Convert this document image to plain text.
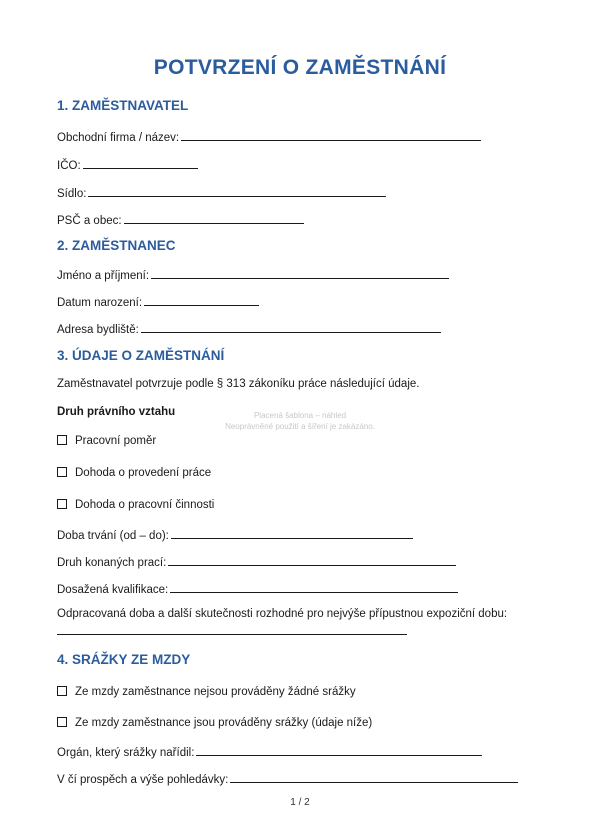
POTVRZENÍ O ZAMĚSTNÁNÍ
1. ZAMĚSTNAVATEL
Obchodní firma / název:
IČO:
Sídlo:
PSČ a obec:
2. ZAMĚSTNANEC
Jméno a příjmení:
Datum narození:
Adresa bydliště:
3. ÚDAJE O ZAMĚSTNÁNÍ
Zaměstnavatel potvrzuje podle § 313 zákoníku práce následující údaje.
Druh právního vztahu
Pracovní poměr
Dohoda o provedení práce
Dohoda o pracovní činnosti
Doba trvání (od – do):
Druh konaných prací:
Dosažená kvalifikace:
Odpracovaná doba a další skutečnosti rozhodné pro nejvýše přípustnou expoziční dobu:
4. SRÁŽKY ZE MZDY
Ze mzdy zaměstnance nejsou prováděny žádné srážky
Ze mzdy zaměstnance jsou prováděny srážky (údaje níže)
Orgán, který srážky nařídil:
V čí prospěch a výše pohledávky:
Placená šablona – náhled
Neoprávněné použití a šíření je zakázáno.
1 / 2
